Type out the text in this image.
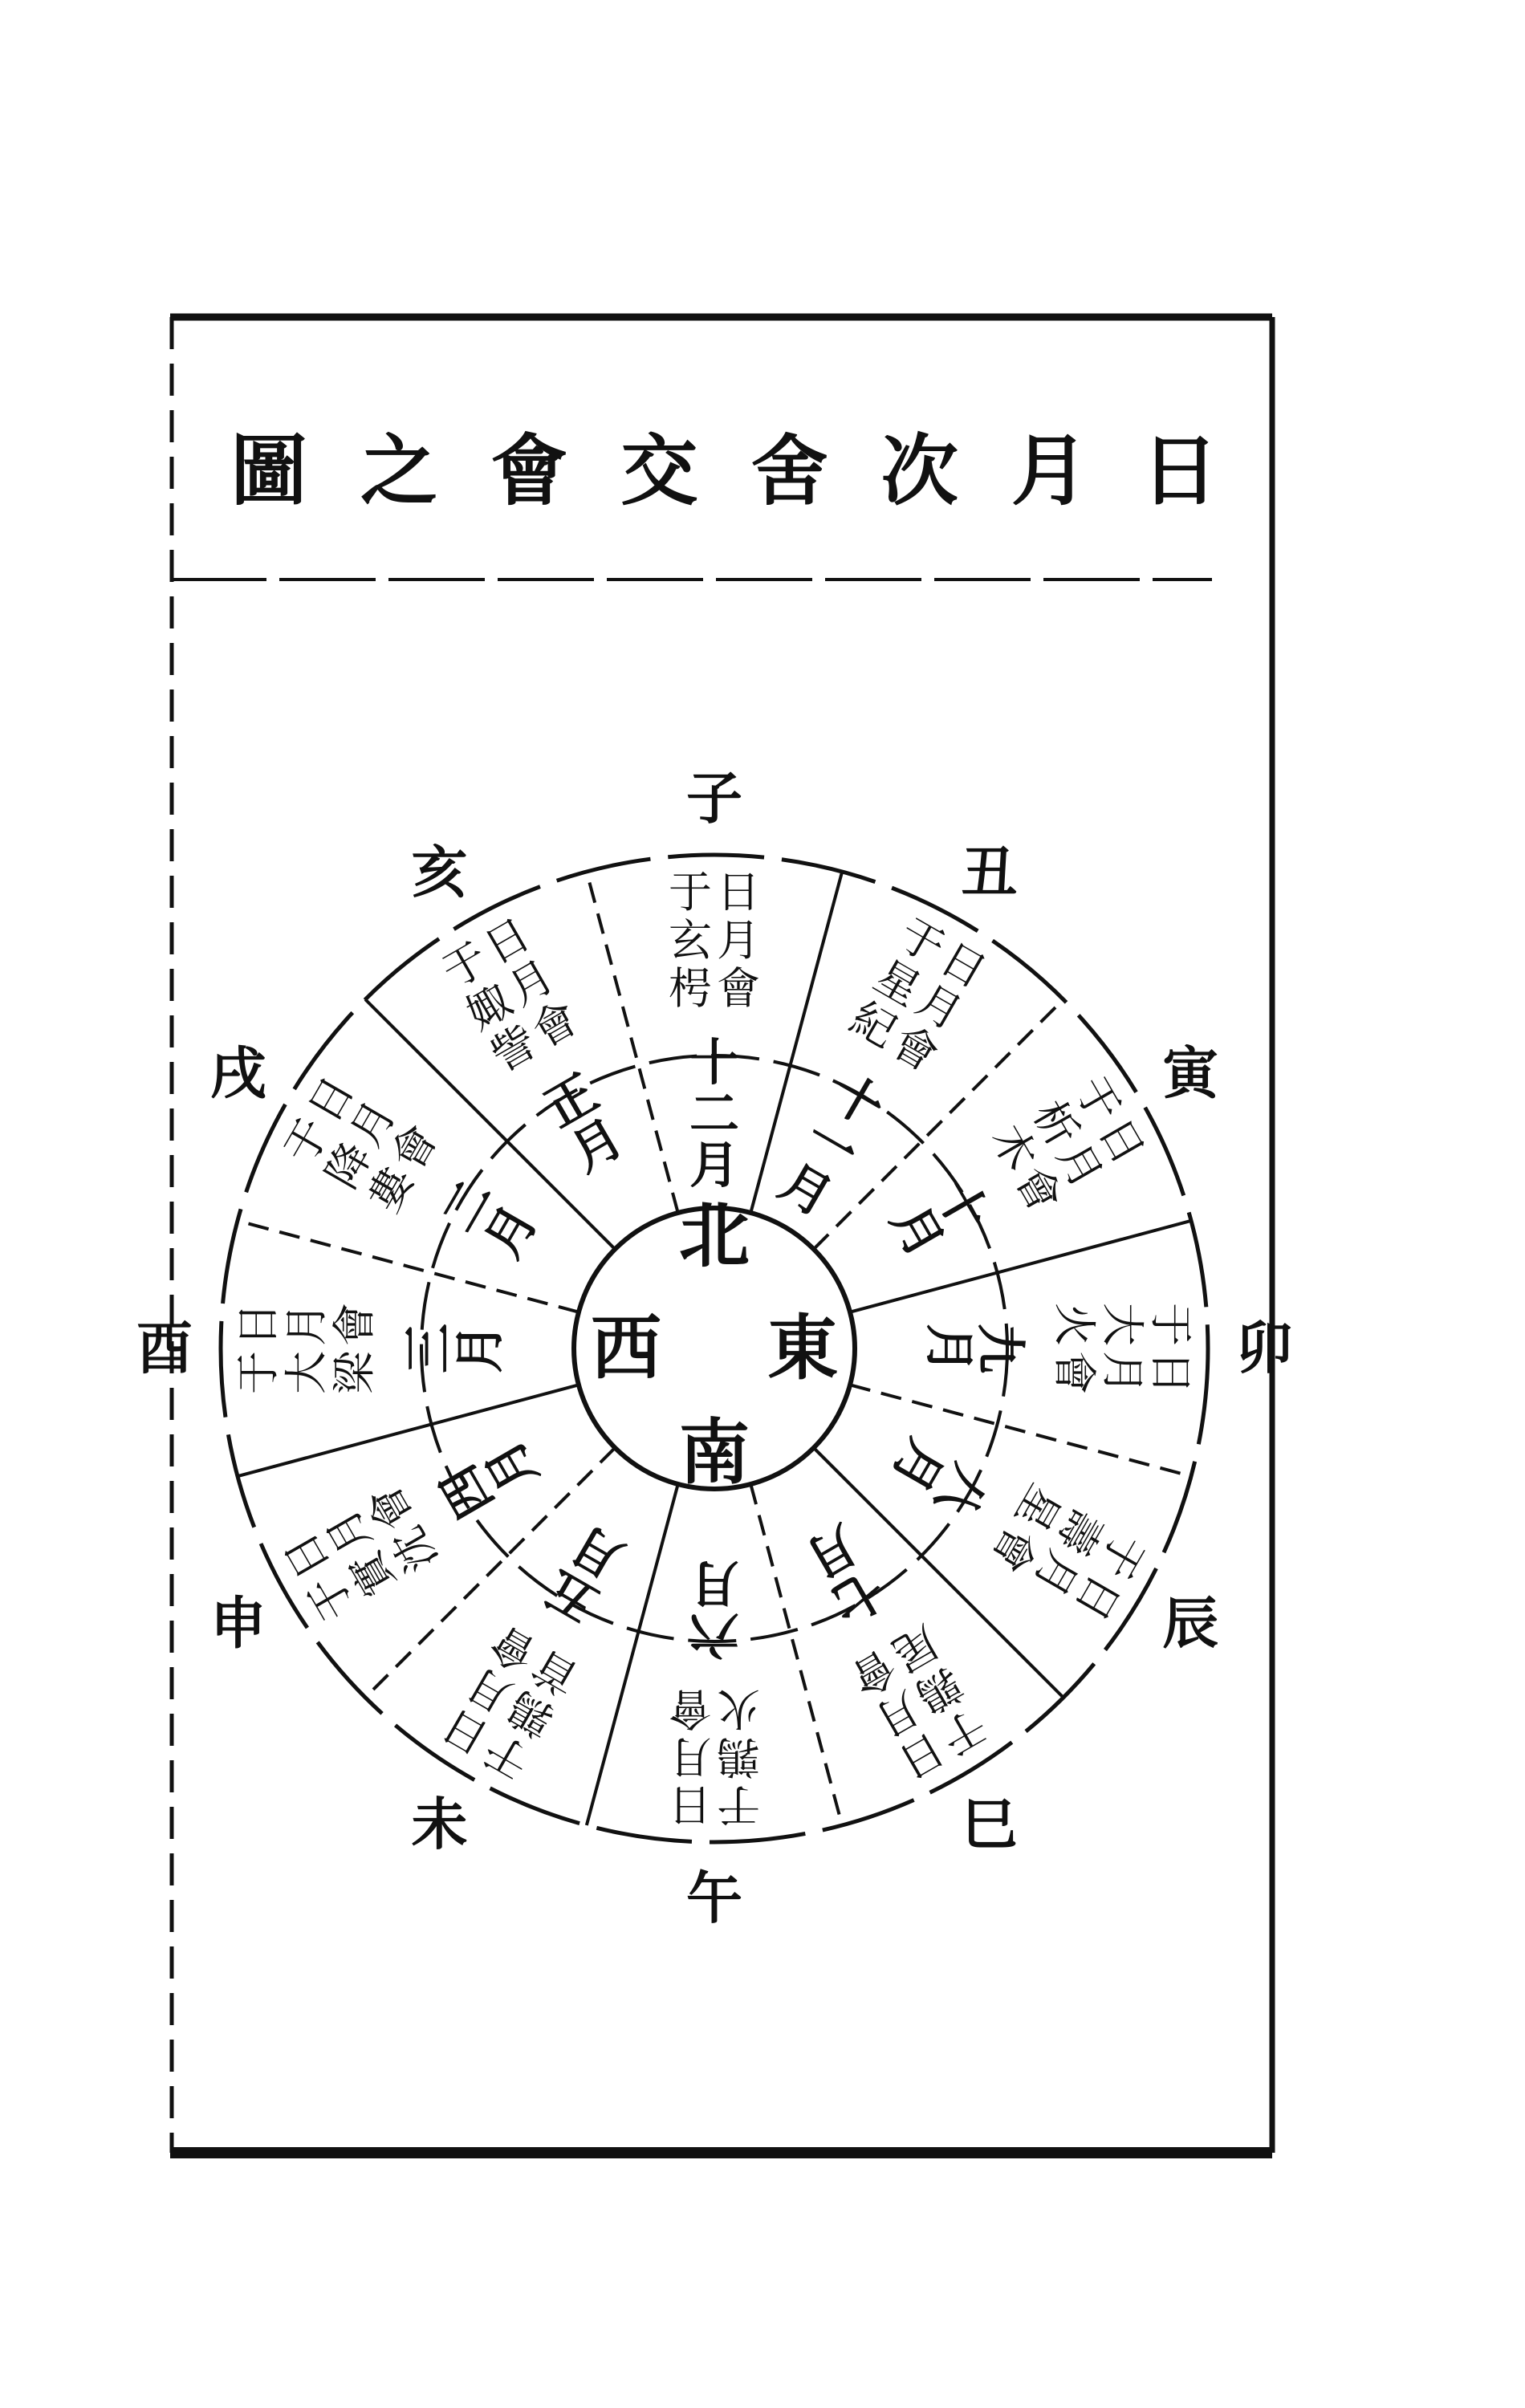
日
月
次
舍
交
會
之
圖
子
丑
寅
卯
辰
巳
午
未
申
酉
戌
亥	日
月
會
于
玄
枵	日
月
會
于
星
紀
日
月
會
于
析
木
日
月
會
于
大
火
日
月
會 于
壽
星
日
月
會
于
鶉
尾
日
月
會
于
鶉
火
日
月
會
于
鶉
首
日
月
會
于
實
沈
日
月
會
于
大
梁
日
月
會
于
降
婁
日
月
會
于
娵
訾	十
二
月
十
一
月 十
月
九
月
八
月
七
月
六
月
五
月
四
月
三
月
二
月
正
月
北
東
南
西
